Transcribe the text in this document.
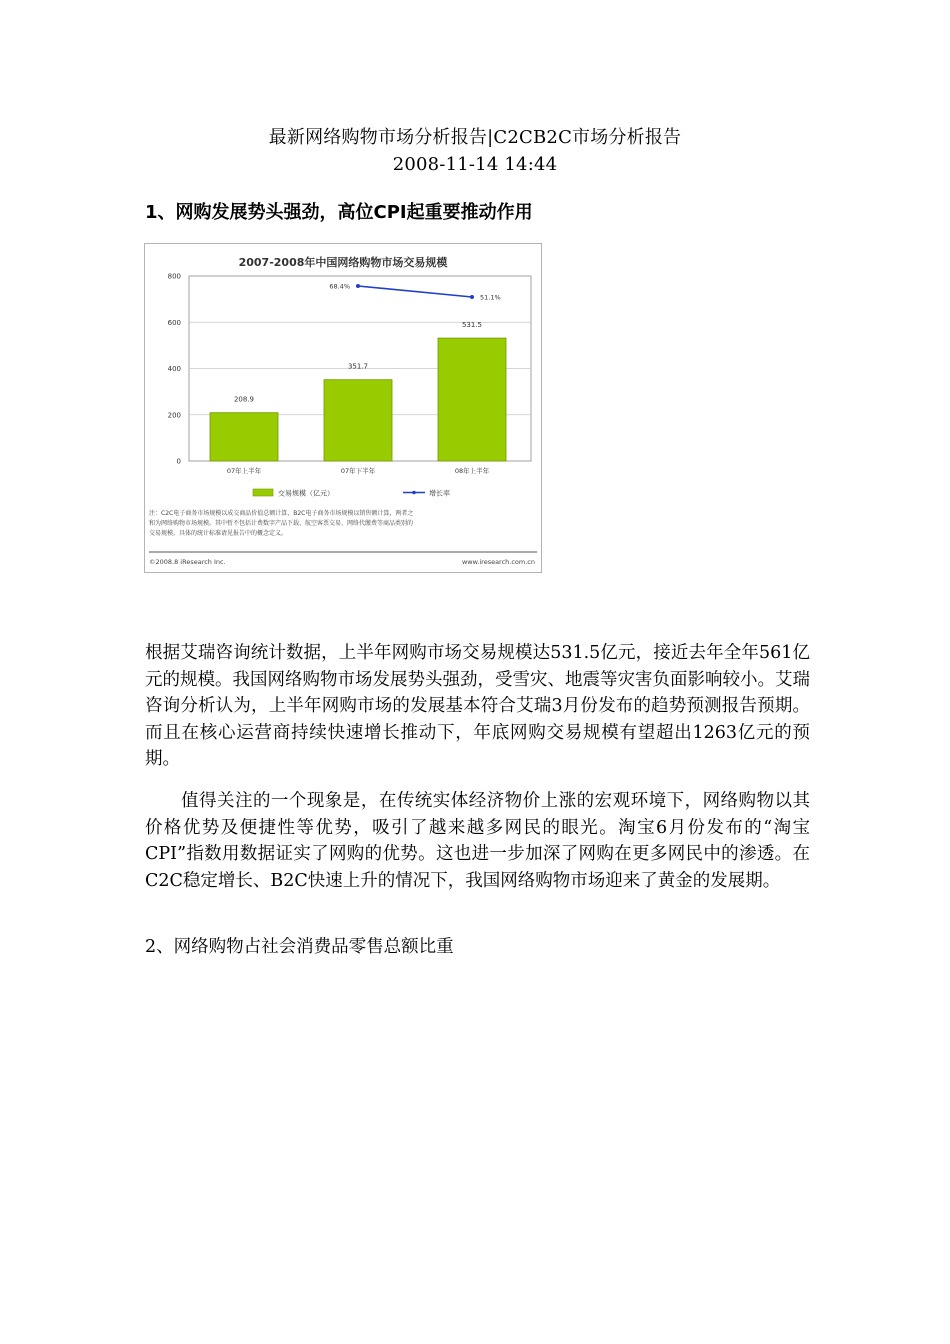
最新网络购物市场分析报告|C2CB2C市场分析报告
2008-11-14 14:44
1、网购发展势头强劲，高位CPI起重要推动作用
2007-2008年中国网络购物市场交易规模
800
600
400
200
0
208.9
351.7
531.5
68.4%
51.1%
07年上半年	07年下半年	08年上半年
交易规模（亿元）	增长率
注：C2C电子商务市场规模以成交商品价值总额计算，B2C电子商务市场规模以销售额计算，两者之
和为网络购物市场规模。其中暂不包括计费数字产品下载、航空客票交易、网络代缴费等商品类别的
交易规模。具体的统计标准请见报告中的概念定义。
©2008.8 iResearch Inc.	www.iresearch.com.cn

根据艾瑞咨询统计数据，上半年网购市场交易规模达531.5亿元，接近去年全年561亿元的规模。我国网络购物市场发展势头强劲，受雪灾、地震等灾害负面影响较小。艾瑞咨询分析认为，上半年网购市场的发展基本符合艾瑞3月份发布的趋势预测报告预期。而且在核心运营商持续快速增长推动下，年底网购交易规模有望超出1263亿元的预期。

值得关注的一个现象是，在传统实体经济物价上涨的宏观环境下，网络购物以其价格优势及便捷性等优势，吸引了越来越多网民的眼光。淘宝6月份发布的“淘宝CPI”指数用数据证实了网购的优势。这也进一步加深了网购在更多网民中的渗透。在C2C稳定增长、B2C快速上升的情况下，我国网络购物市场迎来了黄金的发展期。

2、网络购物占社会消费品零售总额比重
